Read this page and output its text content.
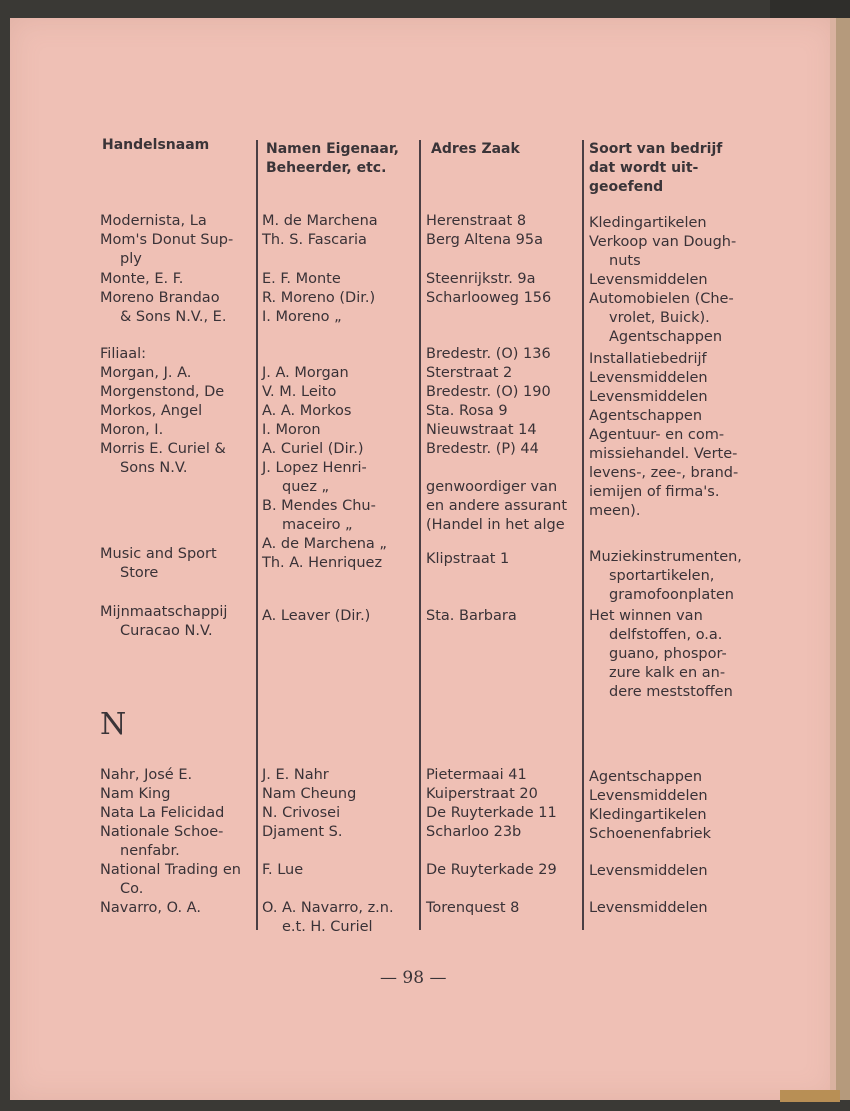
Handelsnaam	Namen Eigenaar,
Beheerder, etc.
Adres Zaak	Soort van bedrijf
dat wordt uit-
geoefend
Modernista, La
Mom's Donut Sup-

ply
Monte, E. F.
Moreno Brandao

& Sons N.V., E.
Filiaal:
Morgan, J. A.
Morgenstond, De
Morkos, Angel
Moron, I.
Morris E. Curiel &

Sons N.V.
Music and Sport

Store
Mijnmaatschappij

Curacao N.V.
Nahr, José E.
Nam King
Nata La Felicidad
Nationale Schoe-

nenfabr.
National Trading en

Co.
Navarro, O. A.
M. de Marchena
Th. S. Fascaria
E. F. Monte
R. Moreno (Dir.)
I. Moreno „
J. A. Morgan
V. M. Leito
A. A. Morkos
I. Moron
A. Curiel (Dir.)
J. Lopez Henri-

quez „
B. Mendes Chu-

maceiro „
A. de Marchena „
Th. A. Henriquez
A. Leaver (Dir.)
J. E. Nahr
Nam Cheung
N. Crivosei
Djament S.
F. Lue
O. A. Navarro, z.n.

e.t. H. Curiel
Herenstraat 8
Berg Altena 95a
Steenrijkstr. 9a
Scharlooweg 156
Bredestr. (O) 136
Sterstraat 2
Bredestr. (O) 190
Sta. Rosa 9
Nieuwstraat 14
Bredestr. (P) 44
genwoordiger van
en andere assurant
(Handel in het alge
Klipstraat 1
Sta. Barbara
Pietermaai 41
Kuiperstraat 20
De Ruyterkade 11
Scharloo 23b
De Ruyterkade 29
Torenquest 8
Kledingartikelen
Verkoop van Dough-

nuts
Levensmiddelen
Automobielen (Che-

vrolet, Buick).
Agentschappen
Installatiebedrijf
Levensmiddelen
Levensmiddelen
Agentschappen
Agentuur- en com-
missiehandel. Verte-
levens-, zee-, brand-
iemijen of firma's.
meen).
Muziekinstrumenten,

sportartikelen,
gramofoonplaten
Het winnen van

delfstoffen, o.a.
guano, phospor-
zure kalk en an-
dere meststoffen
Agentschappen
Levensmiddelen
Kledingartikelen
Schoenenfabriek
Levensmiddelen
Levensmiddelen
N
— 98 —
